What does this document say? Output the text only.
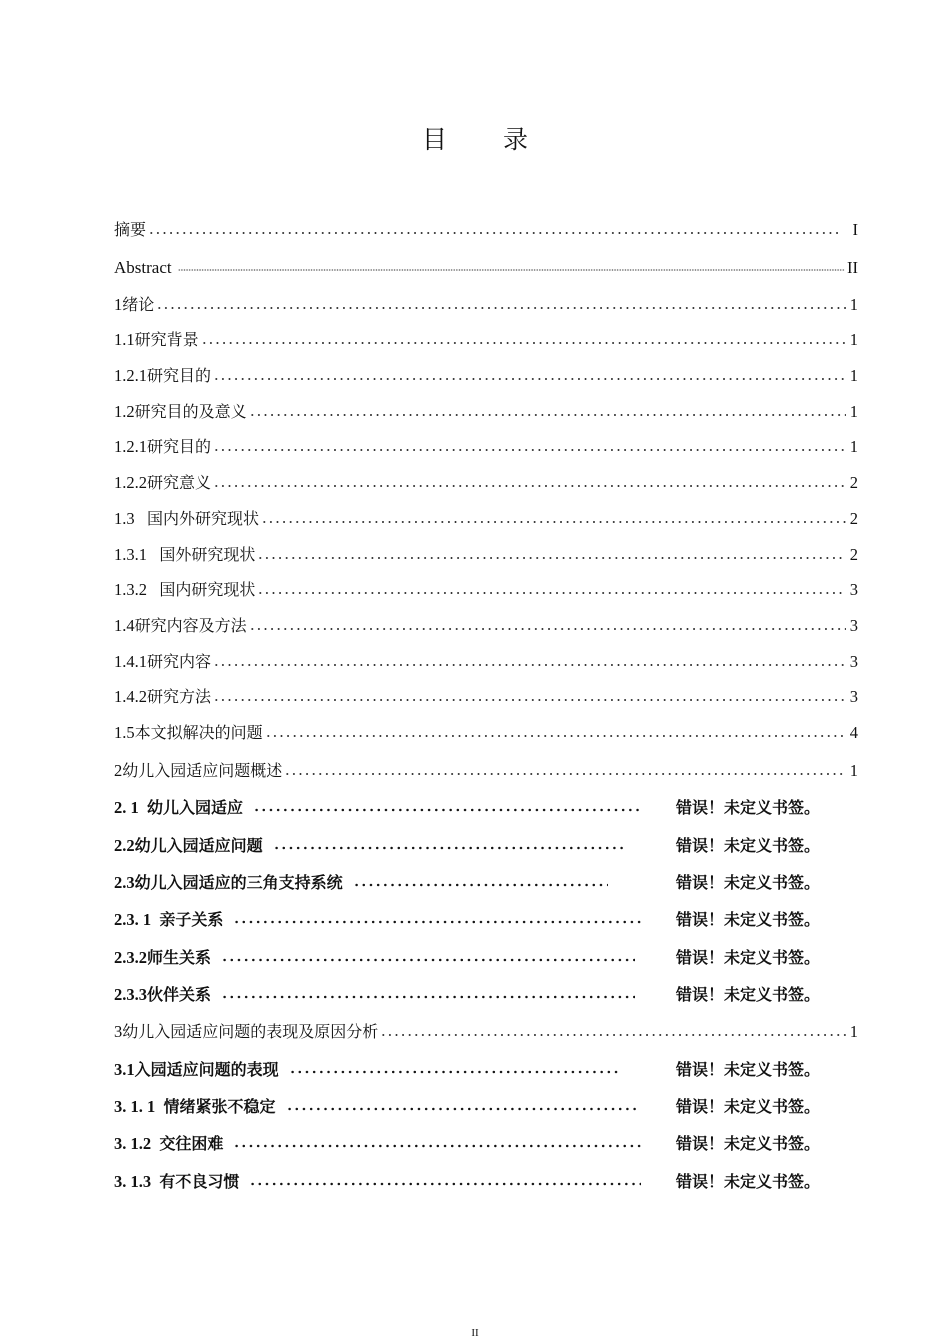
目 录
摘要	I
Abstract	II
1 绪论	1
1.1 研究背景	1
1.2.1 研究目的	1
1.2 研究目的及意义	1
1.2.1 研究目的	1
1.2.2 研究意义	2
1.3 国内外研究现状	2
1.3.1 国外研究现状	2
1.3.2 国内研究现状	3
1.4 研究内容及方法	3
1.4.1 研究内容	3
1.4.2 研究方法	3
1.5 本文拟解决的问题	4
2 幼儿入园适应问题概述	1
2. 1 幼儿入园适应	错误！未定义书签。
2.2 幼儿入园适应问题	错误！未定义书签。
2.3 幼儿入园适应的三角支持系统	错误！未定义书签。
2.3. 1 亲子关系	错误！未定义书签。
2.3.2 师生关系	错误！未定义书签。
2.3.3 伙伴关系	错误！未定义书签。
3 幼儿入园适应问题的表现及原因分析	1
3.1 入园适应问题的表现	错误！未定义书签。
3. 1. 1 情绪紧张不稳定	错误！未定义书签。
3. 1.2 交往困难	错误！未定义书签。
3. 1.3 有不良习惯	错误！未定义书签。
II
